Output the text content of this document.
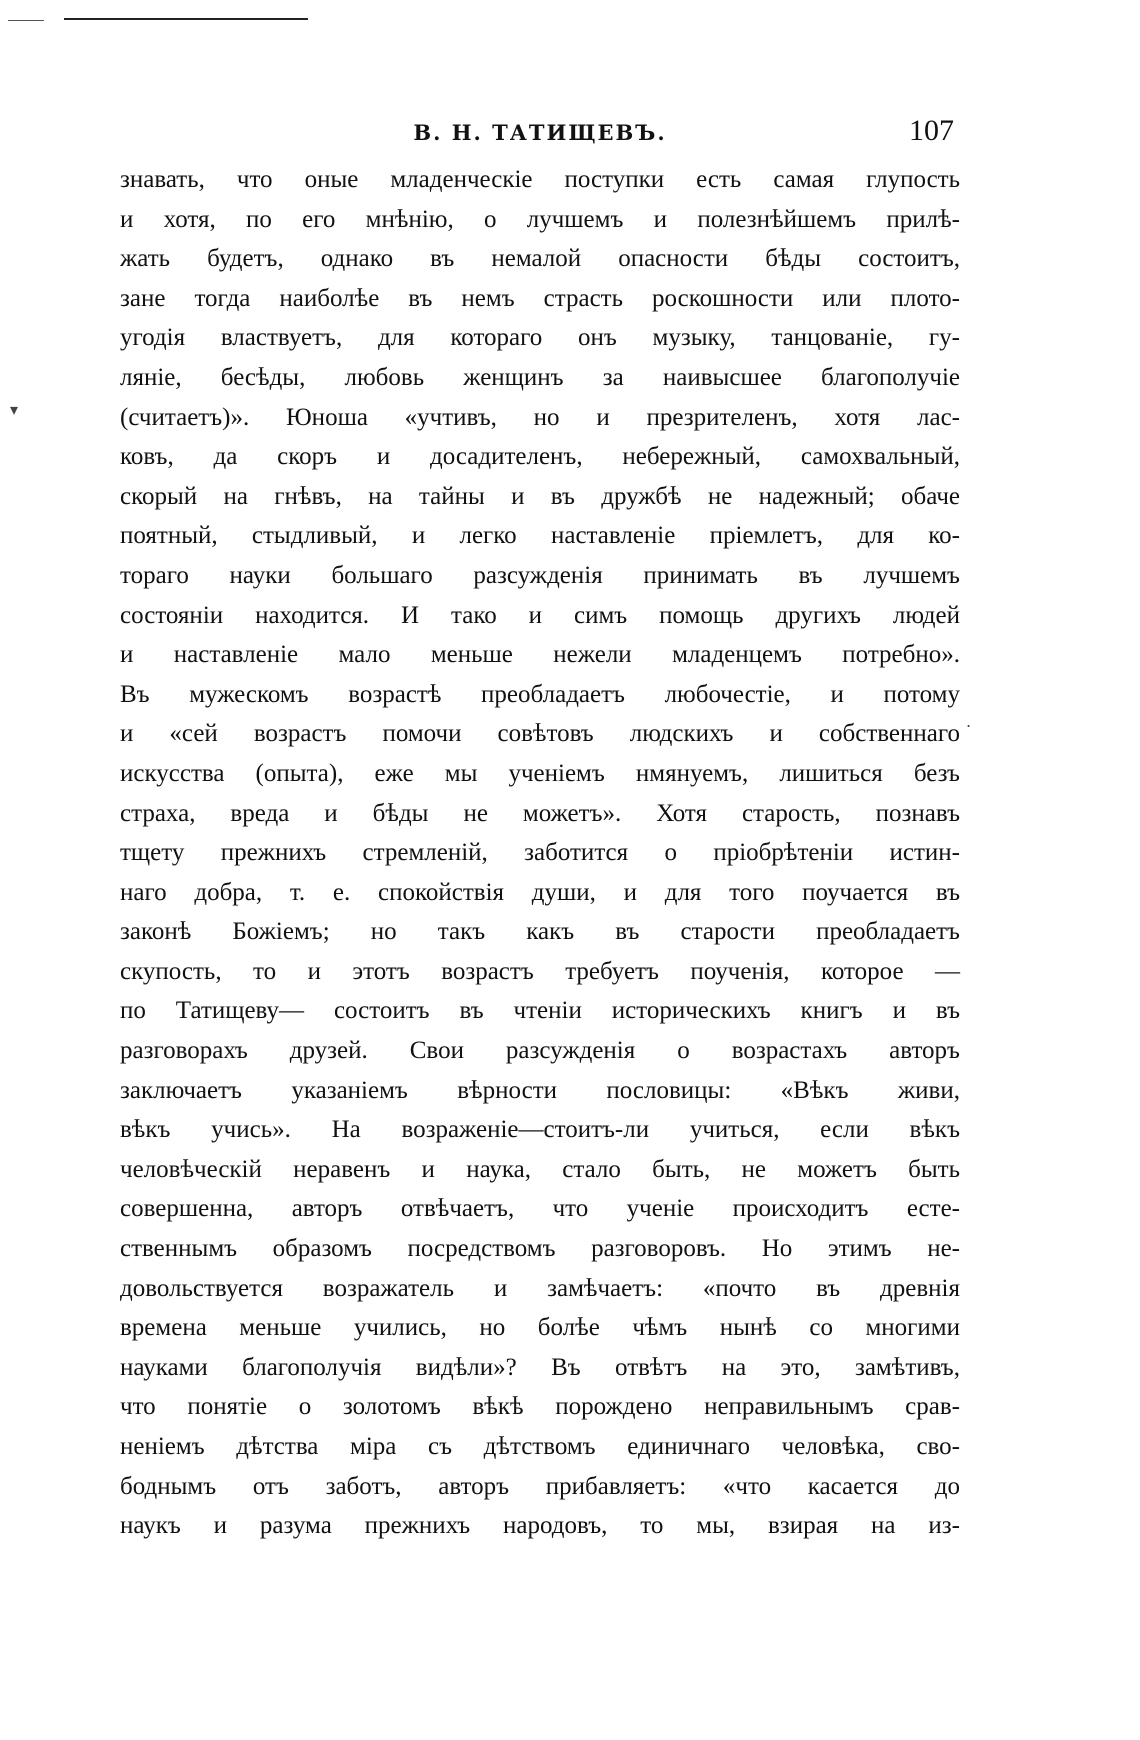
В. Н. ТАТИЩЕВЪ.	107
▾
.
знавать, что оные младенческіе поступки есть самая глупость
и хотя, по его мнѣнію, о лучшемъ и полезнѣйшемъ прилѣ-
жать будетъ, однако въ немалой опасности бѣды состоитъ,
зане тогда наиболѣе въ немъ страсть роскошности или плото-
угодія властвуетъ, для котораго онъ музыку, танцованіе, гу-
ляніе, бесѣды, любовь женщинъ за наивысшее благополучіе
(считаетъ)». Юноша «учтивъ, но и презрителенъ, хотя лас-
ковъ, да скоръ и досадителенъ, небережный, самохвальный,
скорый на гнѣвъ, на тайны и въ дружбѣ не надежный; обаче
поятный, стыдливый, и легко наставленіе пріемлетъ, для ко-
тораго науки большаго разсужденія принимать въ лучшемъ
состояніи находится. И тако и симъ помощь другихъ людей
и наставленіе мало меньше нежели младенцемъ потребно».
Въ мужескомъ возрастѣ преобладаетъ любочестіе, и потому
и «сей возрастъ помочи совѣтовъ людскихъ и собственнаго
искусства (опыта), еже мы ученіемъ нмянуемъ, лишиться безъ
страха, вреда и бѣды не можетъ». Хотя старость, познавъ
тщету прежнихъ стремленій, заботится о пріобрѣтеніи истин-
наго добра, т. е. спокойствія души, и для того поучается въ
законѣ Божіемъ; но такъ какъ въ старости преобладаетъ
скупость, то и этотъ возрастъ требуетъ поученія, которое —
по Татищеву— состоитъ въ чтеніи историческихъ книгъ и въ
разговорахъ друзей. Свои разсужденія о возрастахъ авторъ
заключаетъ указаніемъ вѣрности пословицы: «Вѣкъ живи,
вѣкъ учись». На возраженіе—стоитъ-ли учиться, если вѣкъ
человѣческій неравенъ и наука, стало быть, не можетъ быть
совершенна, авторъ отвѣчаетъ, что ученіе происходитъ есте-
ственнымъ образомъ посредствомъ разговоровъ. Но этимъ не-
довольствуется возражатель и замѣчаетъ: «почто въ древнія
времена меньше учились, но болѣе чѣмъ нынѣ со многими
науками благополучія видѣли»? Въ отвѣтъ на это, замѣтивъ,
что понятіе о золотомъ вѣкѣ порождено неправильнымъ срав-
неніемъ дѣтства міра съ дѣтствомъ единичнаго человѣка, сво-
боднымъ отъ заботъ, авторъ прибавляетъ: «что касается до
наукъ и разума прежнихъ народовъ, то мы, взирая на из-
